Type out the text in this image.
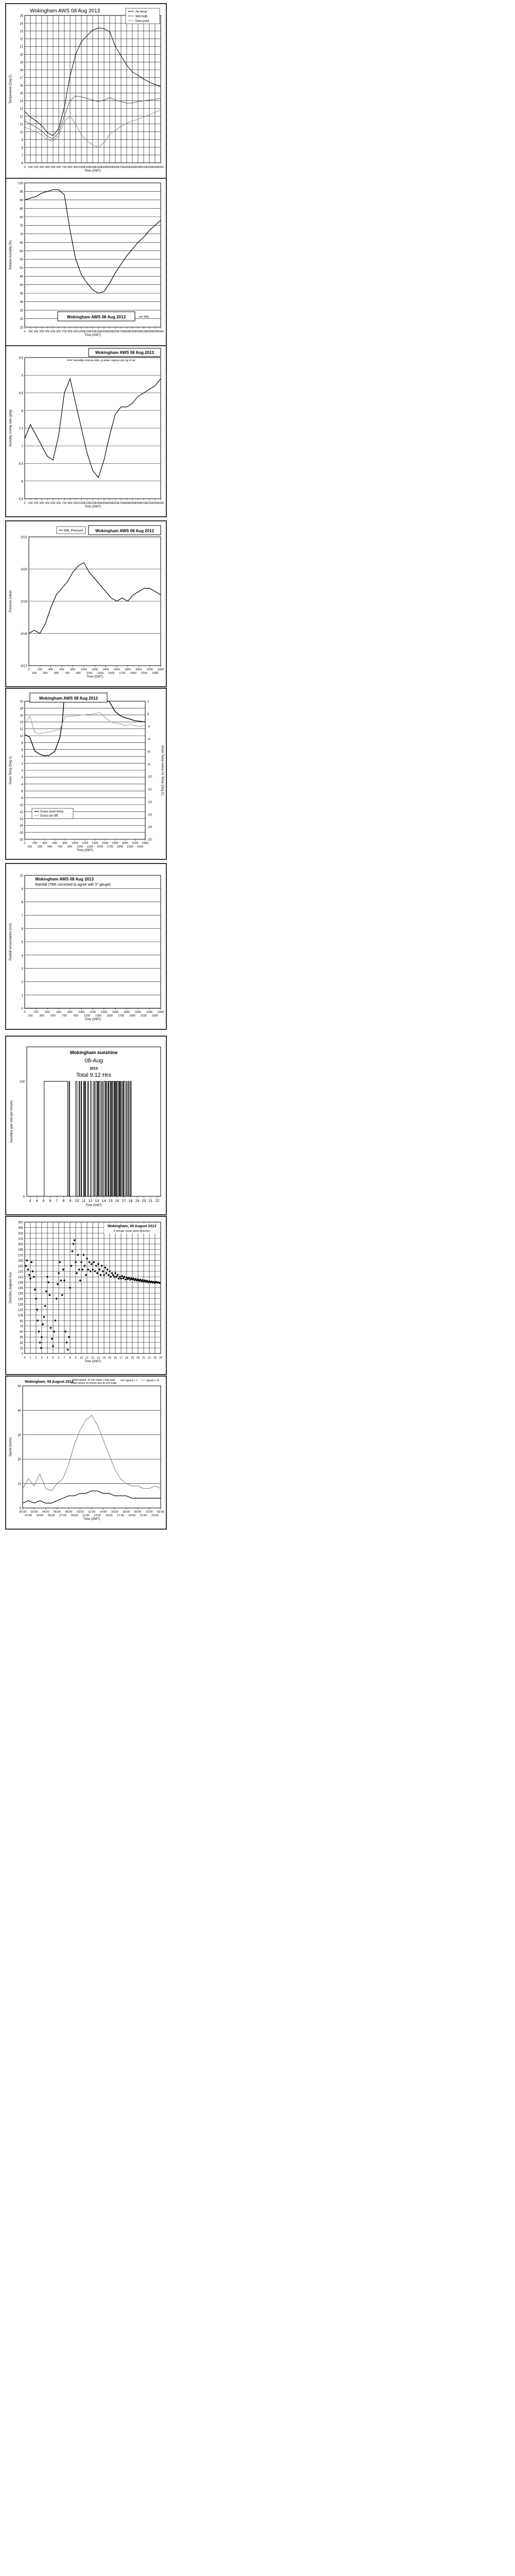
6
7
8
9
10
11
12
13
14
15
16
17
18
19
20
21
22
23
24
25
0 100 200 300 400 500 600 700 800 900 1000
1100
1200
1300
1400
1500
1600
1700
1800
1900
2000
2100
2200
2300
2400
Time (GMT)
Temperature (Deg C)
Wokingham AWS 08 Aug 2013	Air temp
Wet bulb
Dew point
15
20
25
30
35
40
45
50
55
60
65
70
75
80
85
90
95
100
0 100 200 300 400 500 600 700 800 900 1000
1100
1200
1300
1400
1500
1600
1700
1800
1900
2000
2100
2200
2300
2400
Time (GMT)
Relative humidity (%)
Wokingham AWS 08 Aug 2013	RH
5.5
6
6.5
7
7.5
8
8.5
9
9.5
0 100 200 300 400 500 600 700 800 900 1000
1100
1200
1300
1400
1500
1600
1700
1800
1900
2000
2100
2200
2300
2400
Time (GMT)
Humidity mixing ratio (g/kg)
Wokingham AWS 08 Aug 2013
Humidity mixing ratio, g water vapour per kg of air
1017
1018
1019
1020
1021
0	200 400 600 800 1000 1200 1400 1600 1800 2000 2200 2400
100 300 500 700 900 1100 1300 1500 1700 1900 2100 2300
Time (GMT)
Pressure (mbar)
Wokingham AWS 08 Aug 2013
MSL Pressure
-20
-18
-16
-14
-12
-10
-8
-6
-4
-2
0
2
4
6
8
10
12
14
16
18
20
0 200 400 600 800 1000 1200 1400 1600 1800 2000 2200 2400
100 300 500 700 900 1100 1300 1500 1700 1900 2100 2300
Time (GMT)
Grass Temp (Deg C)
-20
-18
-16
-14
-12
-10
-8
-6
-4
-2
0
2
Grass Temp minus Air Temp (Deg C)
Wokingham AWS 08 Aug 2013
Grass level temp
Grass-air diff
0
1
2
3
4
5
6
7
8
9
10
0	200 400 600 800 1000 1200 1400 1600 1800 2000 2200 2400
100 300 500 700 900 1100 1300 1500 1700 1900 2100 2300
Time (GMT)
Rainfall accumulation (mm)
Wokingham AWS 08 Aug 2013
Rainfall (TBR corrected to agree with 5" gauge)
0
100
3 4 5 6 7 8 9 10 11 12 13 14 15 16 17 18 19 20 21 22
Time (GMT)
Sunshine (per cent per minute)
Wokingham sunshine
08-Aug
2013
Total 9.12 Hrs
0
15
30
45
60
75
90
105
120
135
150
165
180
195
210
225
240
255
270
285
300
315
330
345
360
0 1 2 3 4 5 6 7 8 9 10 11 12 13 14 15 16 17 18 19 20 21 22 23 24
Time (GMT)
Direction, degrees true
Wokingham, 08 August 2013
5 minute mean wind direction
0
10
20
30
40
50
00:00 02:00 04:00 06:00 08:00 10:00 12:00 14:00 16:00 18:00 20:00 22:00 00:00
01:00 03:00 05:00 07:00 09:00 11:00 13:00 15:00 17:00 19:00 21:00 23:00
Time (GMT)
Speed (knots)
Wokingham, 08 August 2013
Wind speed, 10 min mean / max gust
Mean speed x4 shown also at x10 scale
Speed x 1	Speed x 10
